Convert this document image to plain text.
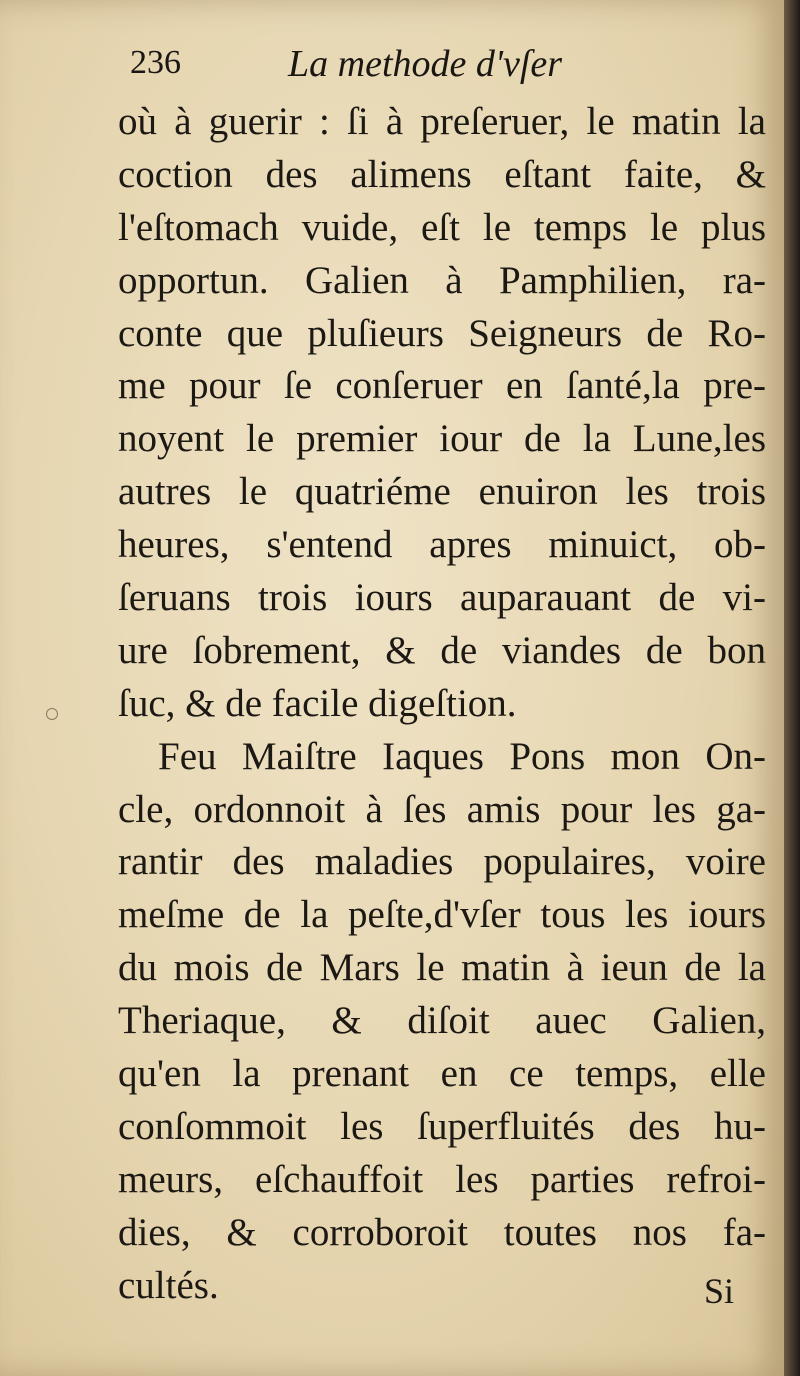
236	La methode d'vſer
où à guerir : ſi à preſeruer, le matin la
coction des alimens eſtant faite, &
l'eſtomach vuide, eſt le temps le plus
opportun. Galien à Pamphilien, ra-
conte que pluſieurs Seigneurs de Ro-
me pour ſe conſeruer en ſanté,la pre-
noyent le premier iour de la Lune,les
autres le quatriéme enuiron les trois
heures, s'entend apres minuict, ob-
ſeruans trois iours auparauant de vi-
ure ſobrement, & de viandes de bon
ſuc, & de facile digeſtion.
Feu Maiſtre Iaques Pons mon On-
cle, ordonnoit à ſes amis pour les ga-
rantir des maladies populaires, voire
meſme de la peſte,d'vſer tous les iours
du mois de Mars le matin à ieun de la
Theriaque, & diſoit auec Galien,
qu'en la prenant en ce temps, elle
conſommoit les ſuperfluités des hu-
meurs, eſchauffoit les parties refroi-
dies, & corroboroit toutes nos fa-
cultés.	Si
